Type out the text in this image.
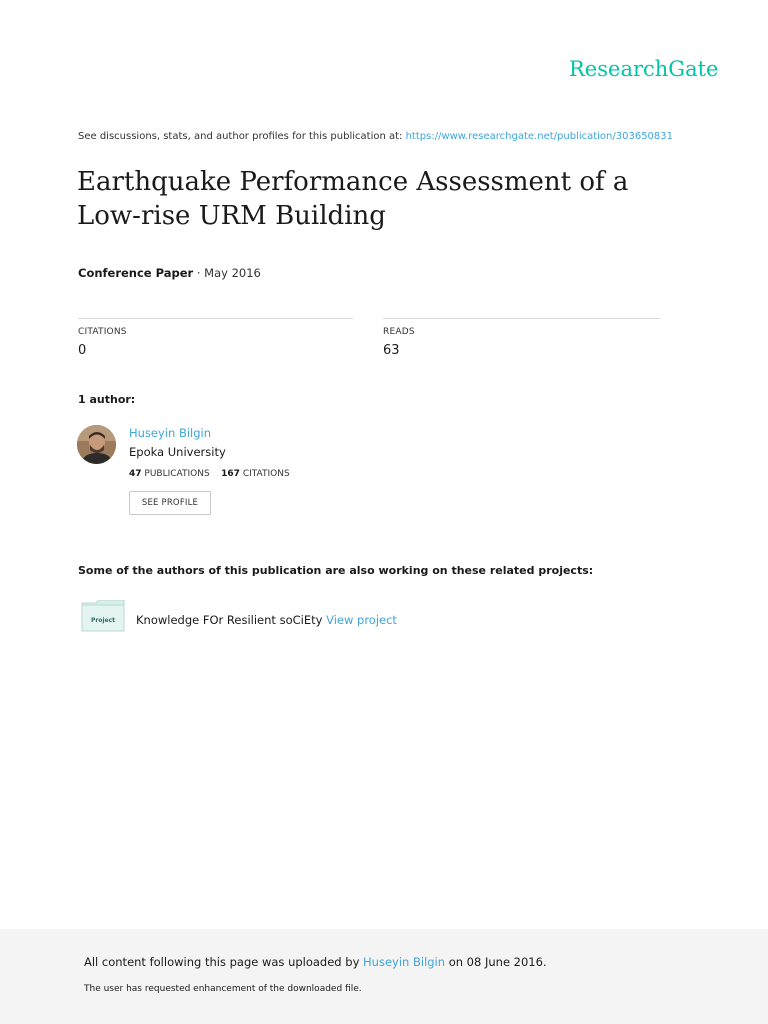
ResearchGate
See discussions, stats, and author profiles for this publication at: https://www.researchgate.net/publication/303650831
Earthquake Performance Assessment of a Low-rise URM Building
Conference Paper · May 2016
CITATIONS
0
READS
63
1 author:
Huseyin Bilgin
Epoka University
47 PUBLICATIONS 167 CITATIONS
SEE PROFILE
Some of the authors of this publication are also working on these related projects:
Project Knowledge FOr Resilient soCiEty View project
All content following this page was uploaded by Huseyin Bilgin on 08 June 2016.
The user has requested enhancement of the downloaded file.
